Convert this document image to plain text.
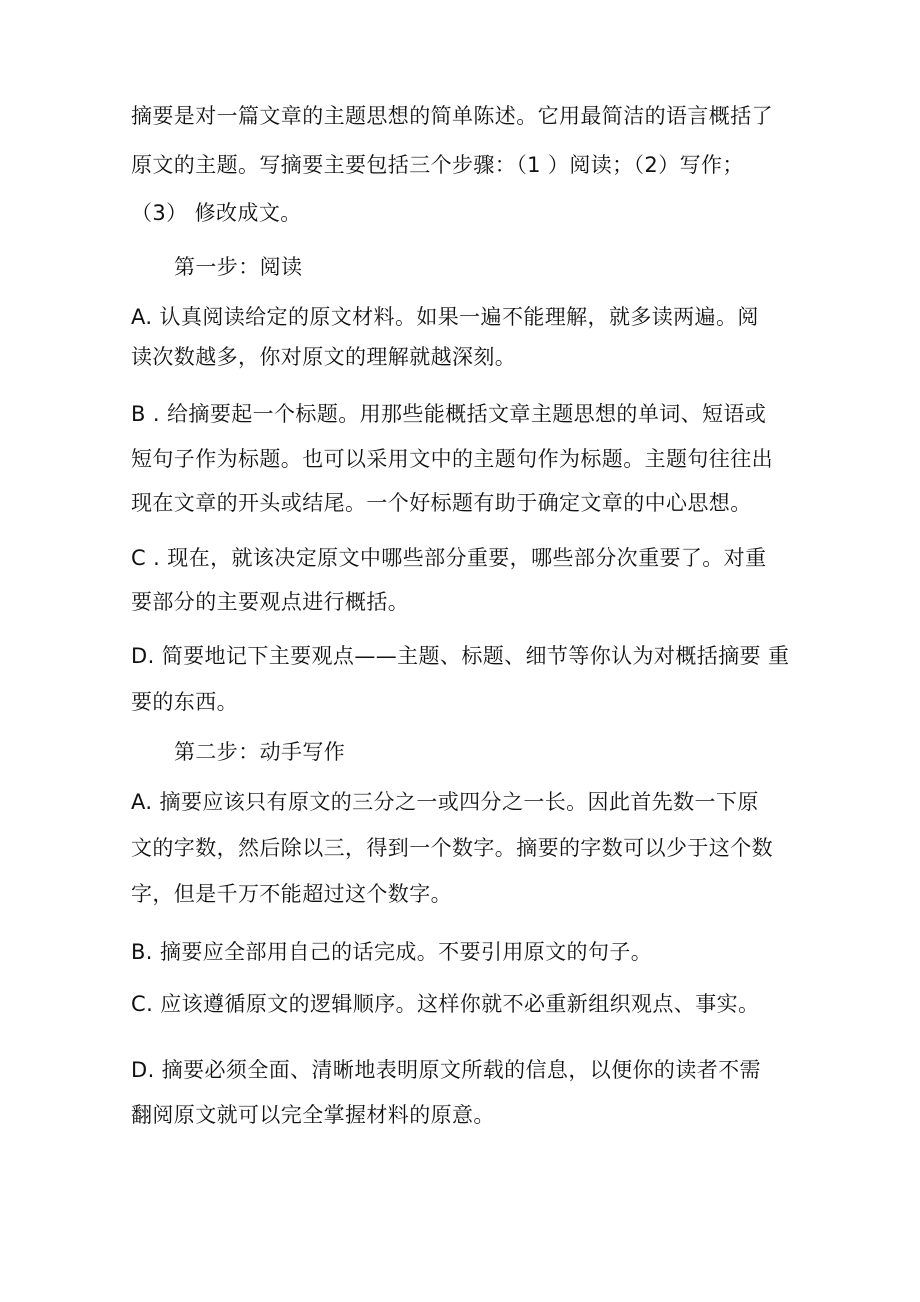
摘要是对一篇文章的主题思想的简单陈述。它用最简洁的语言概括了
原文的主题。写摘要主要包括三个步骤：（1 ）阅读；（2）写作；
（3） 修改成文。
第一步：阅读
A. 认真阅读给定的原文材料。如果一遍不能理解，就多读两遍。阅
读次数越多，你对原文的理解就越深刻。
B . 给摘要起一个标题。用那些能概括文章主题思想的单词、短语或
短句子作为标题。也可以采用文中的主题句作为标题。主题句往往出
现在文章的开头或结尾。一个好标题有助于确定文章的中心思想。
C . 现在，就该决定原文中哪些部分重要，哪些部分次重要了。对重
要部分的主要观点进行概括。
D. 简要地记下主要观点——主题、标题、细节等你认为对概括摘要 重
要的东西。
第二步：动手写作
A. 摘要应该只有原文的三分之一或四分之一长。因此首先数一下原
文的字数，然后除以三，得到一个数字。摘要的字数可以少于这个数
字，但是千万不能超过这个数字。
B. 摘要应全部用自己的话完成。不要引用原文的句子。
C. 应该遵循原文的逻辑顺序。这样你就不必重新组织观点、事实。
D. 摘要必须全面、清晰地表明原文所载的信息，以便你的读者不需
翻阅原文就可以完全掌握材料的原意。
